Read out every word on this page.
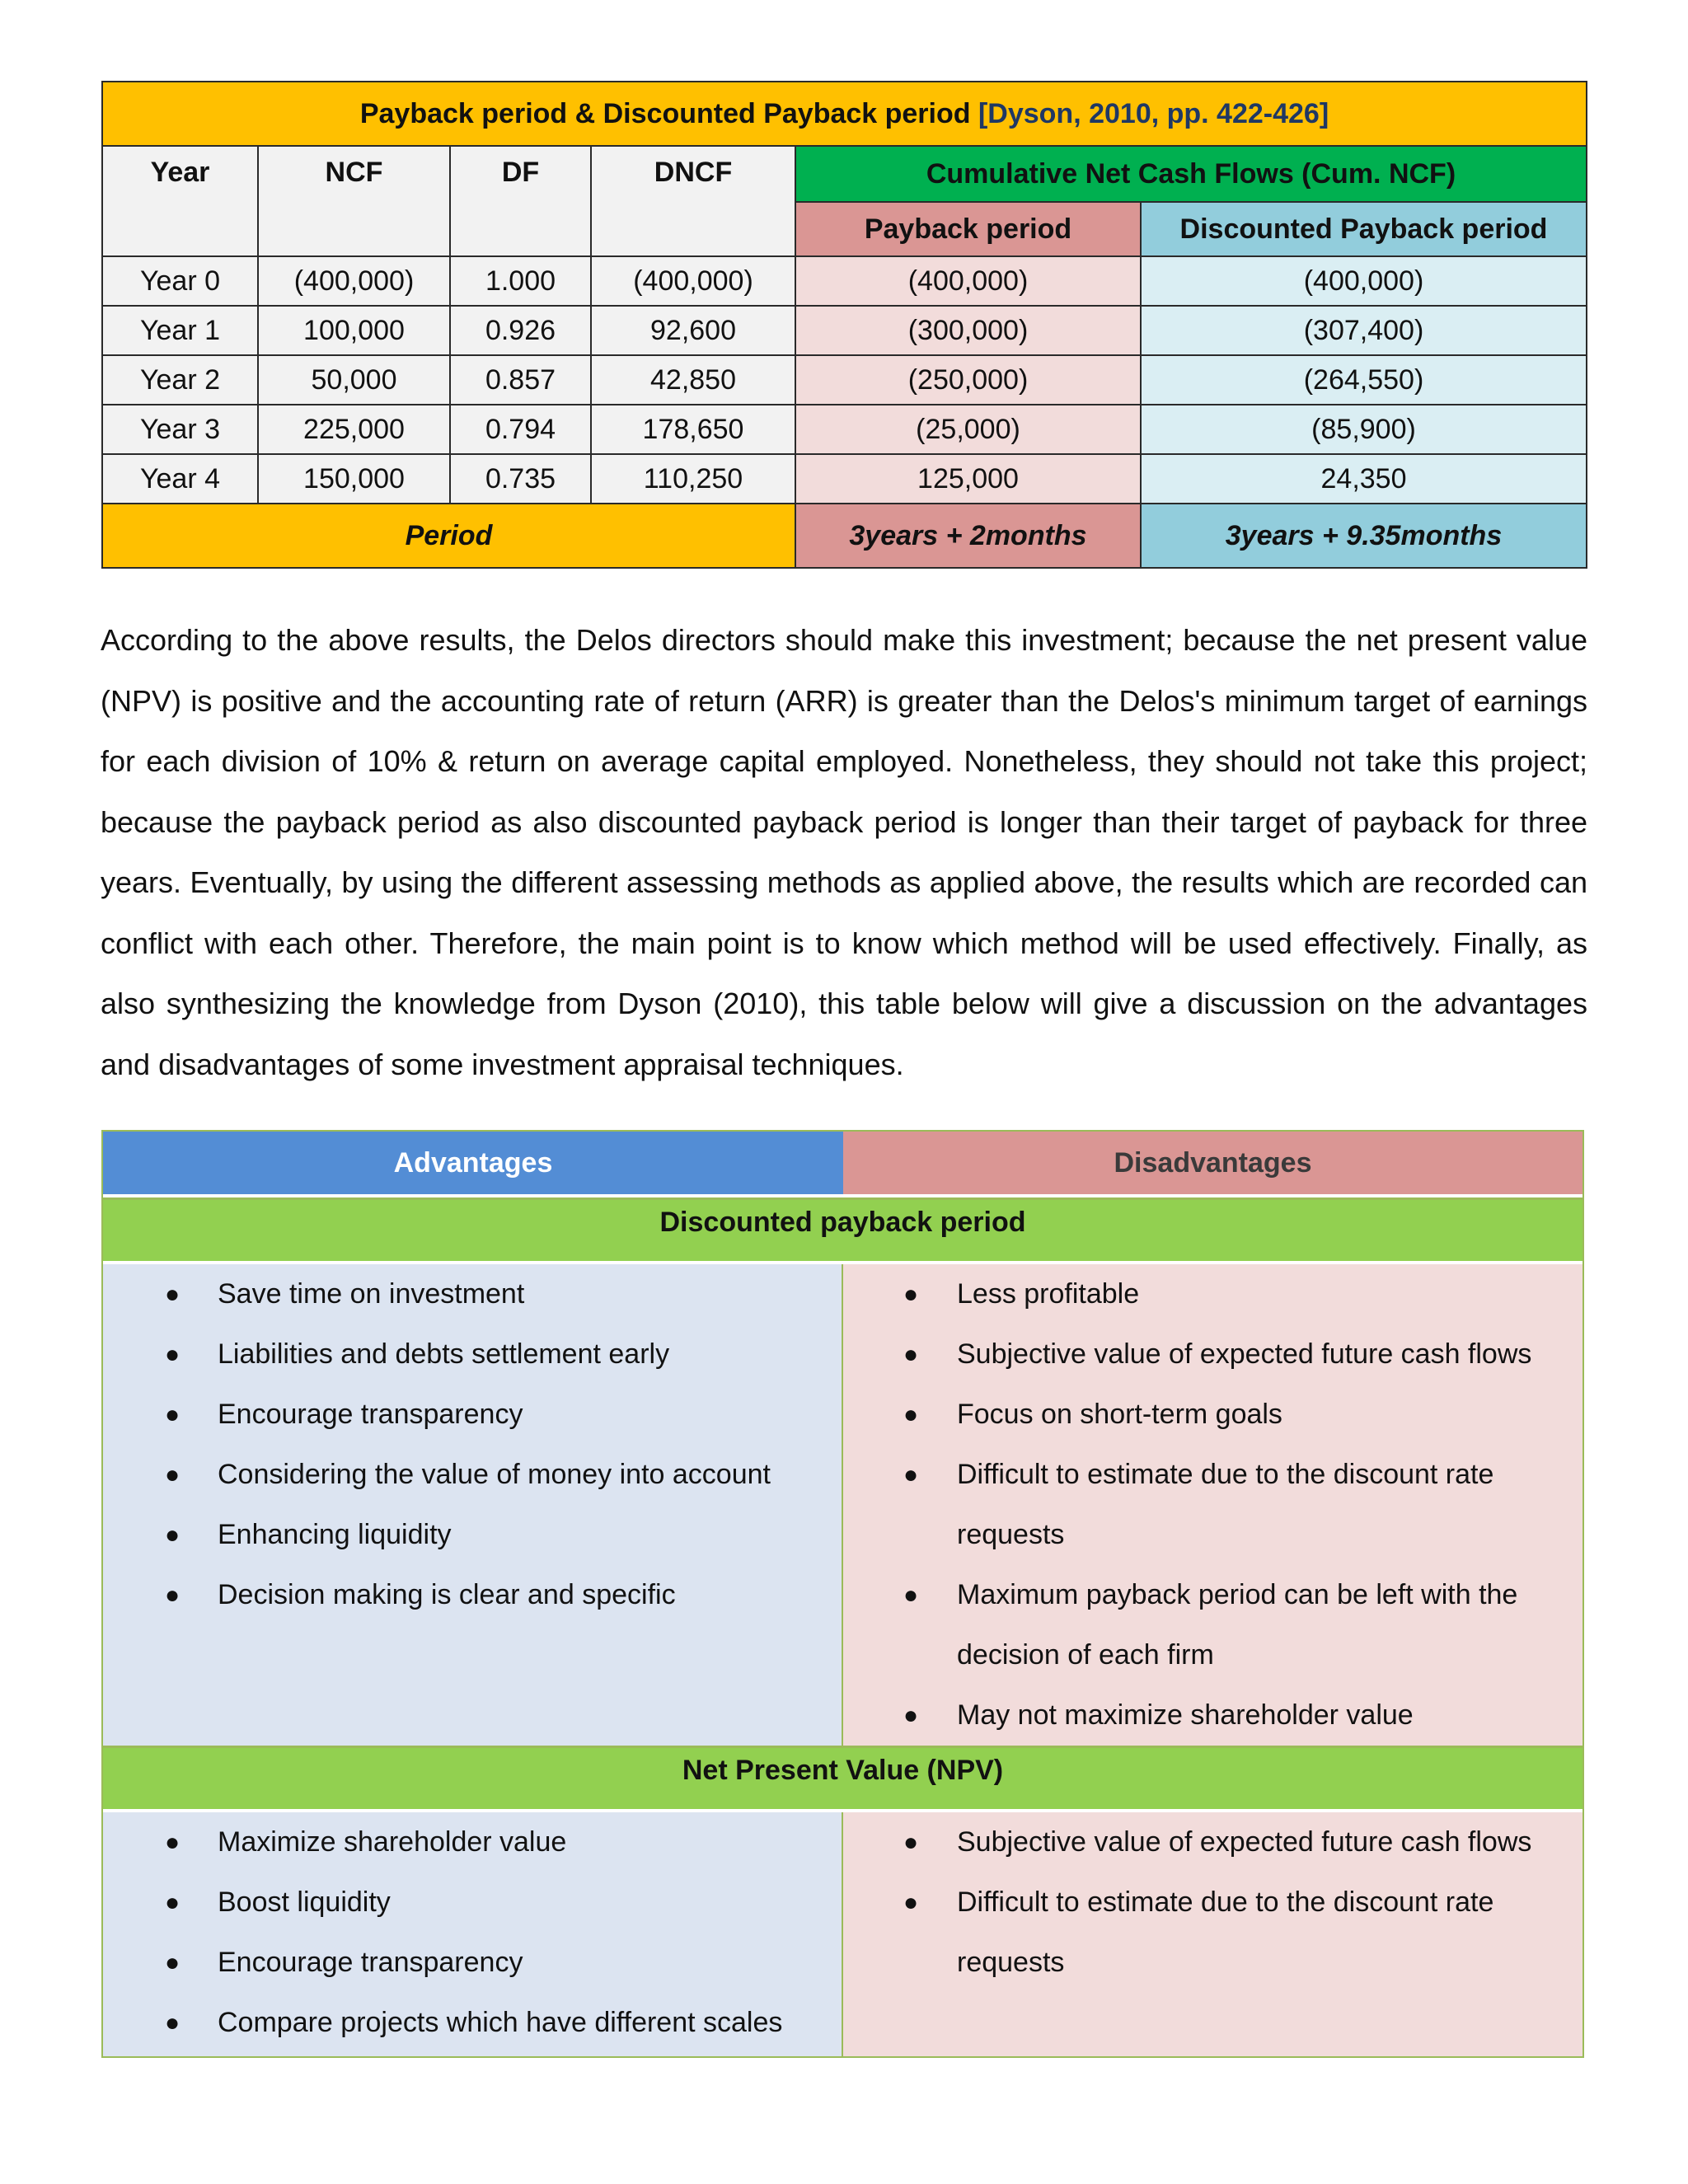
Payback period & Discounted Payback period [Dyson, 2010, pp. 422-426]					
Year	NCF	DF	DNCF	Cumulative Net Cash Flows (Cum. NCF)	
				Payback period	Discounted Payback period
Year 0	(400,000)	1.000	(400,000)	(400,000)	(400,000)
Year 1	100,000	0.926	92,600	(300,000)	(307,400)
Year 2	50,000	0.857	42,850	(250,000)	(264,550)
Year 3	225,000	0.794	178,650	(25,000)	(85,900)
Year 4	150,000	0.735	110,250	125,000	24,350
Period				3years + 2months	3years + 9.35months

According to the above results, the Delos directors should make this investment; because the net present value (NPV) is positive and the accounting rate of return (ARR) is greater than the Delos's minimum target of earnings for each division of 10% & return on average capital employed. Nonetheless, they should not take this project; because the payback period as also discounted payback period is longer than their target of payback for three years. Eventually, by using the different assessing methods as applied above, the results which are recorded can conflict with each other. Therefore, the main point is to know which method will be used effectively. Finally, as also synthesizing the knowledge from Dyson (2010), this table below will give a discussion on the advantages and disadvantages of some investment appraisal techniques.

Advantages	Disadvantages
Discounted payback period	

● Save time on investment
● Liabilities and debts settlement early
● Encourage transparency
● Considering the value of money into account
● Enhancing liquidity
● Decision making is clear and specific

● Less profitable
● Subjective value of expected future cash flows
● Focus on short-term goals
● Difficult to estimate due to the discount rate requests
● Maximum payback period can be left with the decision of each firm
● May not maximize shareholder value

Net Present Value (NPV)	

● Maximize shareholder value
● Boost liquidity
● Encourage transparency
● Compare projects which have different scales

● Subjective value of expected future cash flows
● Difficult to estimate due to the discount rate requests
